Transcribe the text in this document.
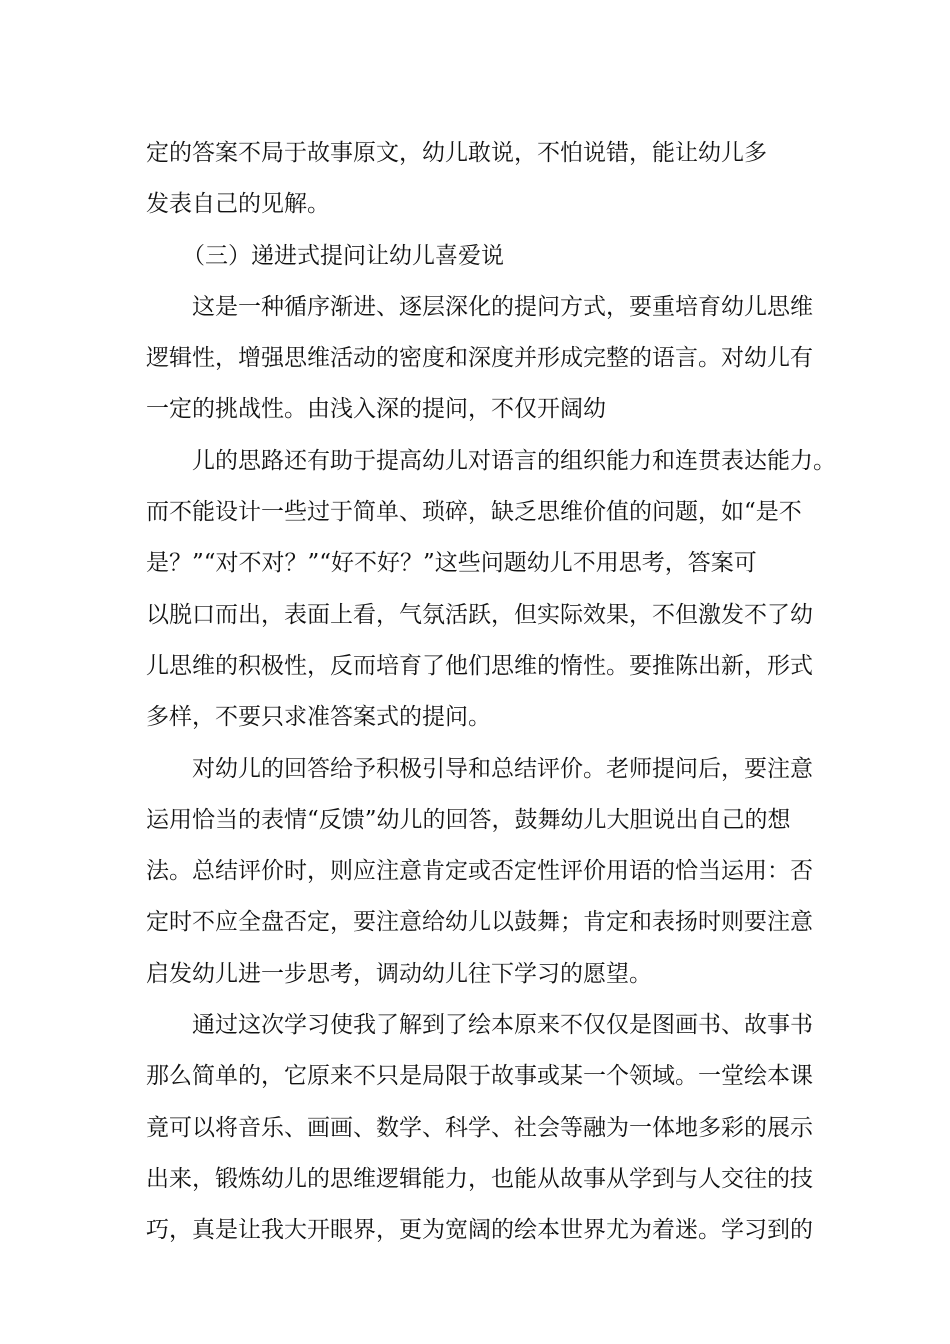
定的答案不局于故事原文，幼儿敢说，不怕说错，能让幼儿多
发表自己的见解。
（三）递进式提问让幼儿喜爱说
这是一种循序渐进、逐层深化的提问方式，要重培育幼儿思维
逻辑性，增强思维活动的密度和深度并形成完整的语言。对幼儿有
一定的挑战性。由浅入深的提问，不仅开阔幼
儿的思路还有助于提高幼儿对语言的组织能力和连贯表达能力。
而不能设计一些过于简单、琐碎，缺乏思维价值的问题，如“是不
是？”“对不对？”“好不好？”这些问题幼儿不用思考，答案可
以脱口而出，表面上看，气氛活跃，但实际效果，不但激发不了幼
儿思维的积极性，反而培育了他们思维的惰性。要推陈出新，形式
多样，不要只求准答案式的提问。
对幼儿的回答给予积极引导和总结评价。老师提问后，要注意
运用恰当的表情“反馈”幼儿的回答，鼓舞幼儿大胆说出自己的想
法。总结评价时，则应注意肯定或否定性评价用语的恰当运用：否
定时不应全盘否定，要注意给幼儿以鼓舞；肯定和表扬时则要注意
启发幼儿进一步思考，调动幼儿往下学习的愿望。
通过这次学习使我了解到了绘本原来不仅仅是图画书、故事书
那么简单的，它原来不只是局限于故事或某一个领域。一堂绘本课
竟可以将音乐、画画、数学、科学、社会等融为一体地多彩的展示
出来，锻炼幼儿的思维逻辑能力，也能从故事从学到与人交往的技
巧，真是让我大开眼界，更为宽阔的绘本世界尤为着迷。学习到的
